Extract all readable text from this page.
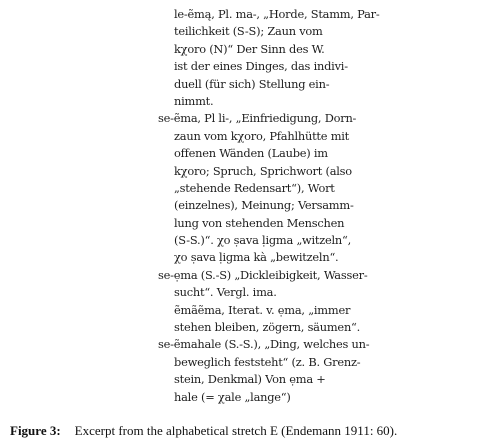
le-ẽmą, Pl. ma-, „Horde, Stamm, Par-
teilichkeit (S-S); Zaun vom
kχoro (N)“ Der Sinn des W.
ist der eines Dinges, das indivi-
duell (für sich) Stellung ein-
nimmt.
se-ẽma, Pl li-, „Einfriedigung, Dorn-
zaun vom kχoro, Pfahlhütte mit
offenen Wänden (Laube) im
kχoro; Spruch, Sprichwort (also
„stehende Redensart“), Wort
(einzelnes), Meinung; Versamm-
lung von stehenden Menschen
(S-S.)“. χo ṣava ḷigma „witzeln“,
χo ṣava ḷigma kà „bewitzeln“.
se-ẹma (S.-S) „Dickleibigkeit, Wasser-
sucht“. Vergl. ima.
ẽmãẽma, Iterat. v. ẹma, „immer
stehen bleiben, zögern, säumen“.
se-ẽmahale (S.-S.), „Ding, welches un-
beweglich feststeht“ (z. B. Grenz-
stein, Denkmal) Von ẹma +
hale (= χale „lange“)
Figure 3: Excerpt from the alphabetical stretch E (Endemann 1911: 60).
